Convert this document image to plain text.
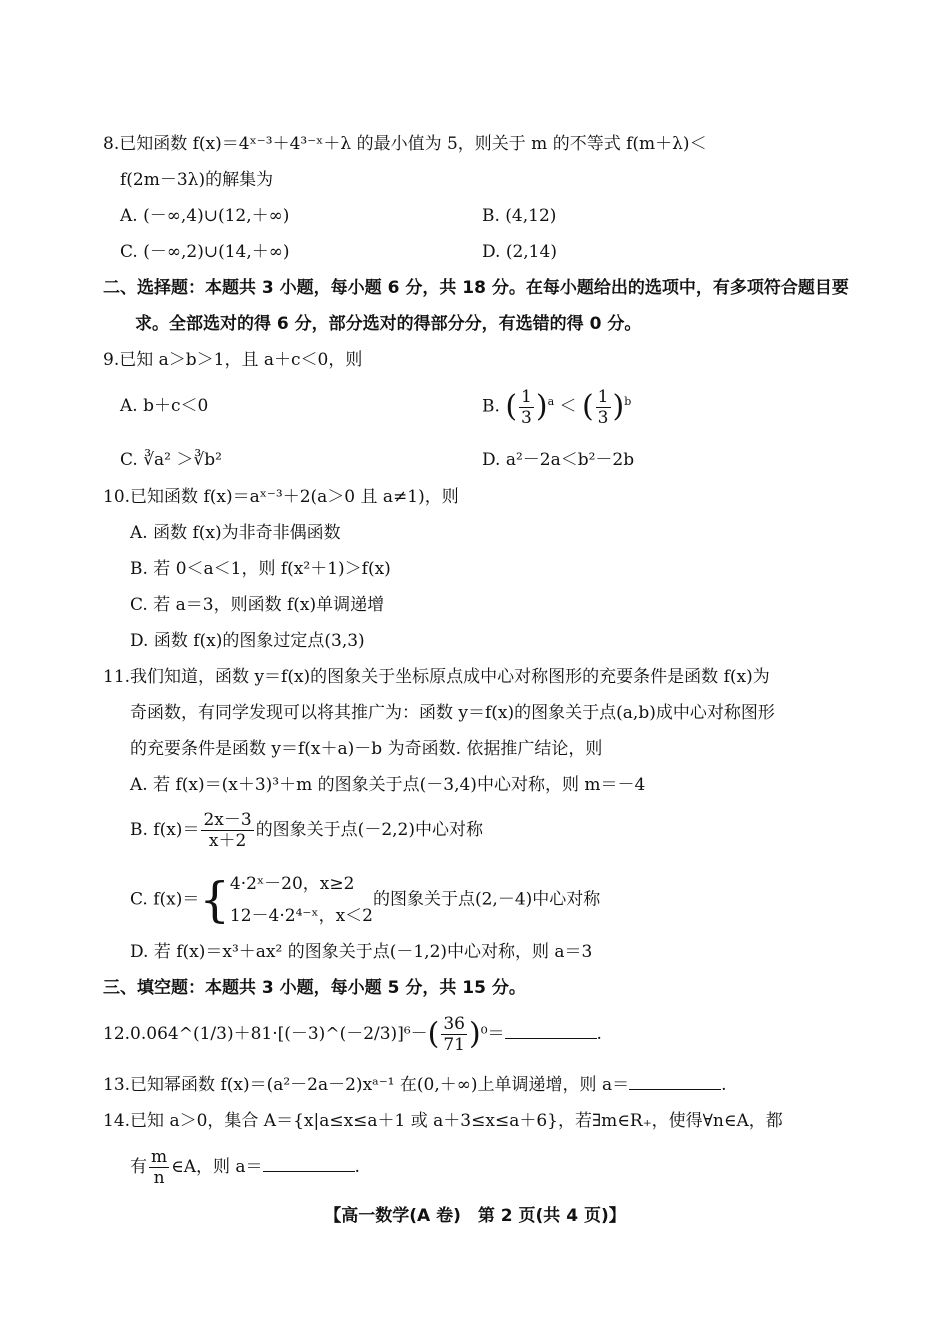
8.已知函数 f(x)＝4ˣ⁻³＋4³⁻ˣ＋λ 的最小值为 5，则关于 m 的不等式 f(m＋λ)＜
f(2m－3λ)的解集为
A. (－∞,4)∪(12,＋∞)	B. (4,12)
C. (－∞,2)∪(14,＋∞)	D. (2,14)
二、选择题：本题共 3 小题，每小题 6 分，共 18 分。在每小题给出的选项中，有多项符合题目要
求。全部选对的得 6 分，部分选对的得部分分，有选错的得 0 分。
9.已知 a＞b＞1，且 a＋c＜0，则
A. b＋c＜0	B. ( $\frac{1}{3} )^a$ ＜ ( $\frac{1}{3} )^b$
C. ∛a² ＞∛b²	D. a²－2a＜b²－2b
10.已知函数 f(x)＝aˣ⁻³＋2(a＞0 且 a≠1)，则
A. 函数 f(x)为非奇非偶函数
B. 若 0＜a＜1，则 f(x²＋1)＞f(x)
C. 若 a＝3，则函数 f(x)单调递增
D. 函数 f(x)的图象过定点(3,3)
11.我们知道，函数 y＝f(x)的图象关于坐标原点成中心对称图形的充要条件是函数 f(x)为
奇函数，有同学发现可以将其推广为：函数 y＝f(x)的图象关于点(a,b)成中心对称图形
的充要条件是函数 y＝f(x＋a)－b 为奇函数. 依据推广结论，则
A. 若 f(x)＝(x＋3)³＋m 的图象关于点(－3,4)中心对称，则 m＝－4
B. $f(x)= \frac{2x-3}{x+2}$ 的图象关于点(－2,2)中心对称
C. f(x)＝{ 4·2ˣ－20，x≥2
12－4·2⁴⁻ˣ，x＜2
的图象关于点(2,－4)中心对称
D. 若 f(x)＝x³＋ax² 的图象关于点(－1,2)中心对称，则 a＝3
三、填空题：本题共 3 小题，每小题 5 分，共 15 分。
12.0.064^(1/3)＋81·[(－3)^(－2/3)]⁶－( $\frac{36}{71} )^0=$	.
13.已知幂函数 f(x)＝(a²－2a－2)xᵃ⁻¹ 在(0,＋∞)上单调递增，则 a＝	.
14.已知 a＞0，集合 A＝{x|a≤x≤a＋1 或 a＋3≤x≤a＋6}，若∃m∈R₊，使得∀n∈A，都
有 $\frac{m}{n}$ ∈A，则 a＝	.
【高一数学(A 卷)　第 2 页(共 4 页)】
